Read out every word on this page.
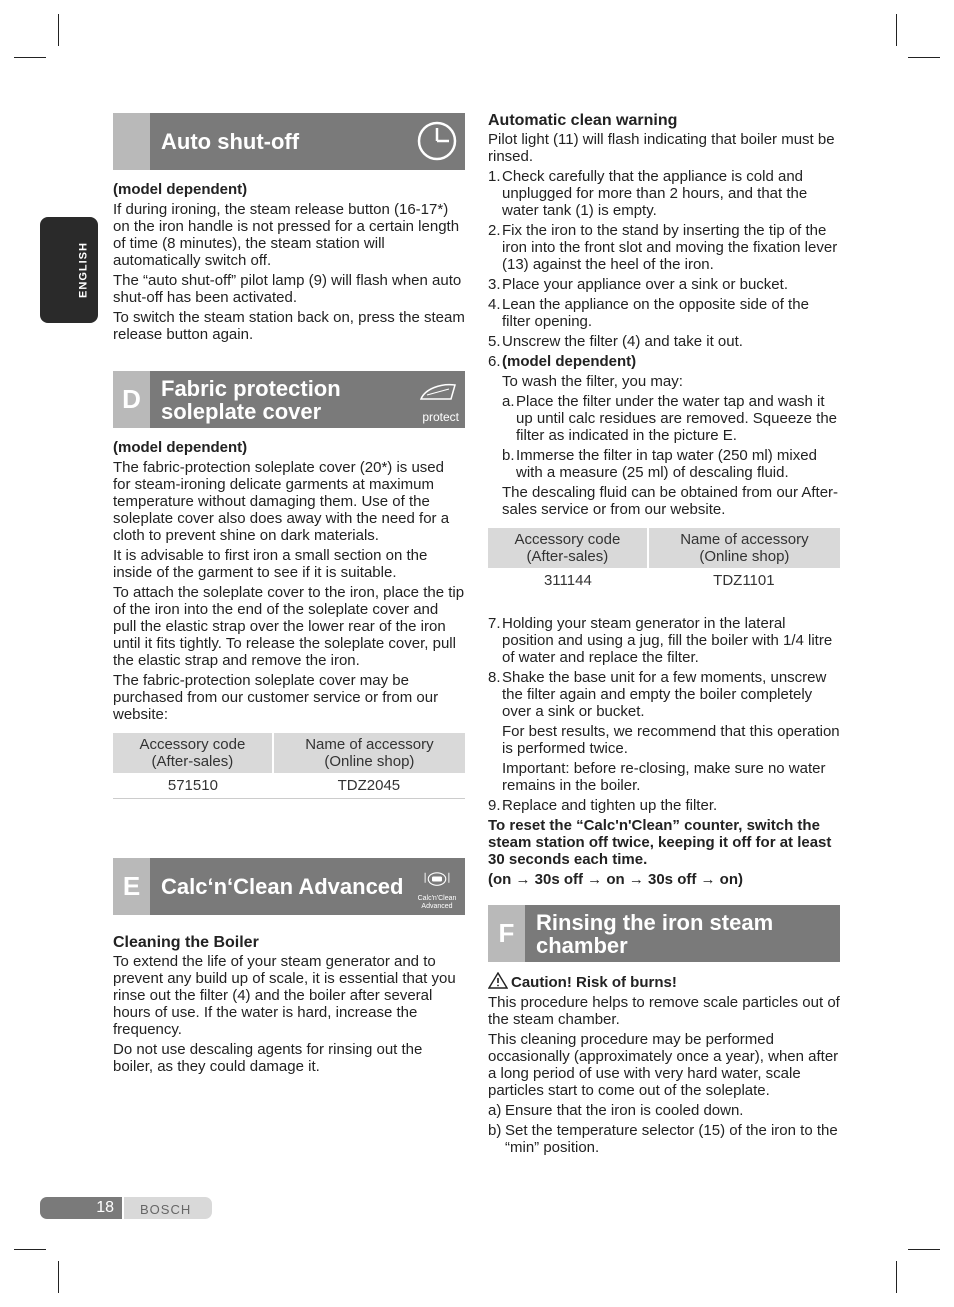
ENGLISH
Auto shut-off

(model dependent)

If during ironing, the steam release button (16-17*) on the iron handle is not pressed for a certain length of time (8 minutes), the steam station will automatically switch off.

The “auto shut-off” pilot lamp (9) will flash when auto shut-off has been activated.

To switch the steam station back on, press the steam release button again.

D Fabric protection
soleplate cover	protect

(model dependent)

The fabric-protection soleplate cover (20*) is used for steam-ironing delicate garments at maximum temperature without damaging them. Use of the soleplate cover also does away with the need for a cloth to prevent shine on dark materials.

It is advisable to first iron a small section on the inside of the garment to see if it is suitable.

To attach the soleplate cover to the iron, place the tip of the iron into the end of the soleplate cover and pull the elastic strap over the lower rear of the iron until it fits tightly. To release the soleplate cover, pull the elastic strap and remove the iron.

The fabric-protection soleplate cover may be purchased from our customer service or from our website:

Accessory code
(After-sales)	Name of accessory
(Online shop)
571510	TDZ2045
E Calc‘n‘Clean Advanced	Calc'n'Clean
Advanced

Cleaning the Boiler

To extend the life of your steam generator and to prevent any build up of scale, it is essential that you rinse out the filter (4) and the boiler after several hours of use. If the water is hard, increase the frequency.

Do not use descaling agents for rinsing out the boiler, as they could damage it.

Automatic clean warning

Pilot light (11) will flash indicating that boiler must be rinsed.

1. Check carefully that the appliance is cold and unplugged for more than 2 hours, and that the water tank (1) is empty.
2. Fix the iron to the stand by inserting the tip of the iron into the front slot and moving the fixation lever (13) against the heel of the iron.
3. Place your appliance over a sink or bucket.
4. Lean the appliance on the opposite side of the filter opening.
5. Unscrew the filter (4) and take it out.
6. (model dependent)

To wash the filter, you may:

a. Place the filter under the water tap and wash it up until calc residues are removed. Squeeze the filter as indicated in the picture E.
b. Immerse the filter in tap water (250 ml) mixed with a measure (25 ml) of descaling fluid.

The descaling fluid can be obtained from our After-sales service or from our website.

Accessory code
(After-sales)	Name of accessory
(Online shop)
311144	TDZ1101
7. Holding your steam generator in the lateral position and using a jug, fill the boiler with 1/4 litre of water and replace the filter.
8. Shake the base unit for a few moments, unscrew the filter again and empty the boiler completely over a sink or bucket.

For best results, we recommend that this operation is performed twice.

Important: before re-closing, make sure no water remains in the boiler.

9. Replace and tighten up the filter.

To reset the “Calc'n'Clean” counter, switch the steam station off twice, keeping it off for at least 30 seconds each time.

(on → 30s off → on → 30s off → on)

F Rinsing the iron steam
chamber

Caution! Risk of burns!

This procedure helps to remove scale particles out of the steam chamber.

This cleaning procedure may be performed occasionally (approximately once a year), when after a long period of use with very hard water, scale particles start to come out of the soleplate.

a) Ensure that the iron is cooled down.
b) Set the temperature selector (15) of the iron to the “min” position.
18 BOSCH
